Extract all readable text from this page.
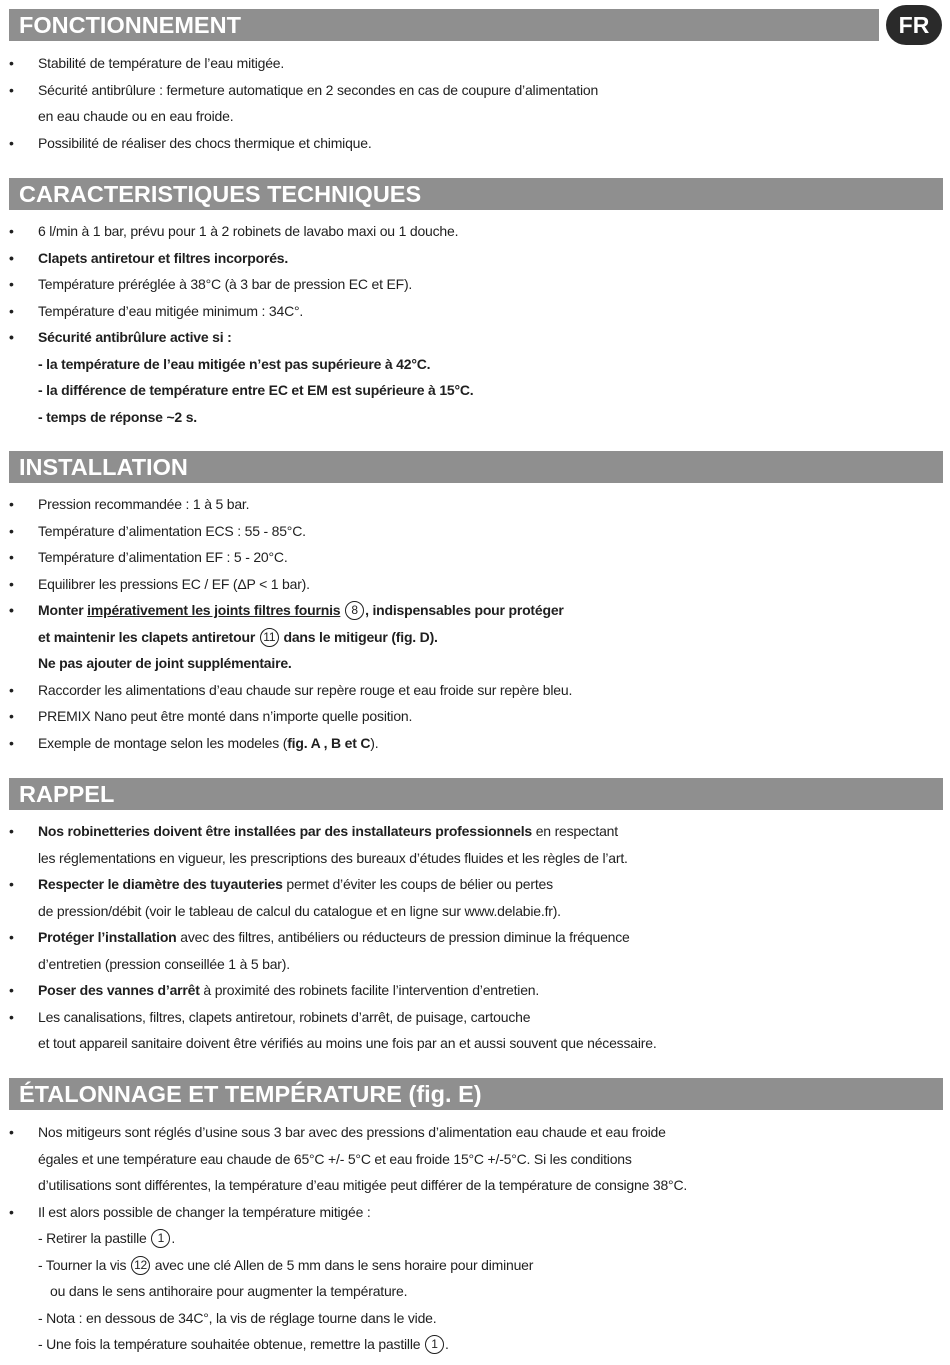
FR
FONCTIONNEMENT
• Stabilité de température de l’eau mitigée.
• Sécurité antibrûlure : fermeture automatique en 2 secondes en cas de coupure d’alimentation
en eau chaude ou en eau froide.
• Possibilité de réaliser des chocs thermique et chimique.
CARACTERISTIQUES TECHNIQUES
• 6 l/min à 1 bar, prévu pour 1 à 2 robinets de lavabo maxi ou 1 douche.
• Clapets antiretour et filtres incorporés.
• Température préréglée à 38°C (à 3 bar de pression EC et EF).
• Température d’eau mitigée minimum : 34C°.
• Sécurité antibrûlure active si :
- la température de l’eau mitigée n’est pas supérieure à 42°C.
- la différence de température entre EC et EM est supérieure à 15°C.
- temps de réponse ~2 s.
INSTALLATION
• Pression recommandée : 1 à 5 bar.
• Température d’alimentation ECS : 55 - 85°C.
• Température d’alimentation EF : 5 - 20°C.
• Equilibrer les pressions EC / EF (ΔP < 1 bar).
• Monter impérativement les joints filtres fournis 8 , indispensables pour protéger
et maintenir les clapets antiretour 11 dans le mitigeur (fig. D).
Ne pas ajouter de joint supplémentaire.
• Raccorder les alimentations d’eau chaude sur repère rouge et eau froide sur repère bleu.
• PREMIX Nano peut être monté dans n’importe quelle position.
• Exemple de montage selon les modeles (fig. A , B et C).
RAPPEL
• Nos robinetteries doivent être installées par des installateurs professionnels en respectant
les réglementations en vigueur, les prescriptions des bureaux d’études fluides et les règles de l’art.
• Respecter le diamètre des tuyauteries permet d’éviter les coups de bélier ou pertes
de pression/débit (voir le tableau de calcul du catalogue et en ligne sur www.delabie.fr).
• Protéger l’installation avec des filtres, antibéliers ou réducteurs de pression diminue la fréquence
d’entretien (pression conseillée 1 à 5 bar).
• Poser des vannes d’arrêt à proximité des robinets facilite l’intervention d’entretien.
• Les canalisations, filtres, clapets antiretour, robinets d’arrêt, de puisage, cartouche
et tout appareil sanitaire doivent être vérifiés au moins une fois par an et aussi souvent que nécessaire.
ÉTALONNAGE ET TEMPÉRATURE (fig. E)
• Nos mitigeurs sont réglés d’usine sous 3 bar avec des pressions d’alimentation eau chaude et eau froide
égales et une température eau chaude de 65°C +/- 5°C et eau froide 15°C +/-5°C. Si les conditions
d’utilisations sont différentes, la température d’eau mitigée peut différer de la température de consigne 38°C.
• Il est alors possible de changer la température mitigée :
- Retirer la pastille 1 .
- Tourner la vis 12 avec une clé Allen de 5 mm dans le sens horaire pour diminuer
ou dans le sens antihoraire pour augmenter la température.
- Nota : en dessous de 34C°, la vis de réglage tourne dans le vide.
- Une fois la température souhaitée obtenue, remettre la pastille 1 .
